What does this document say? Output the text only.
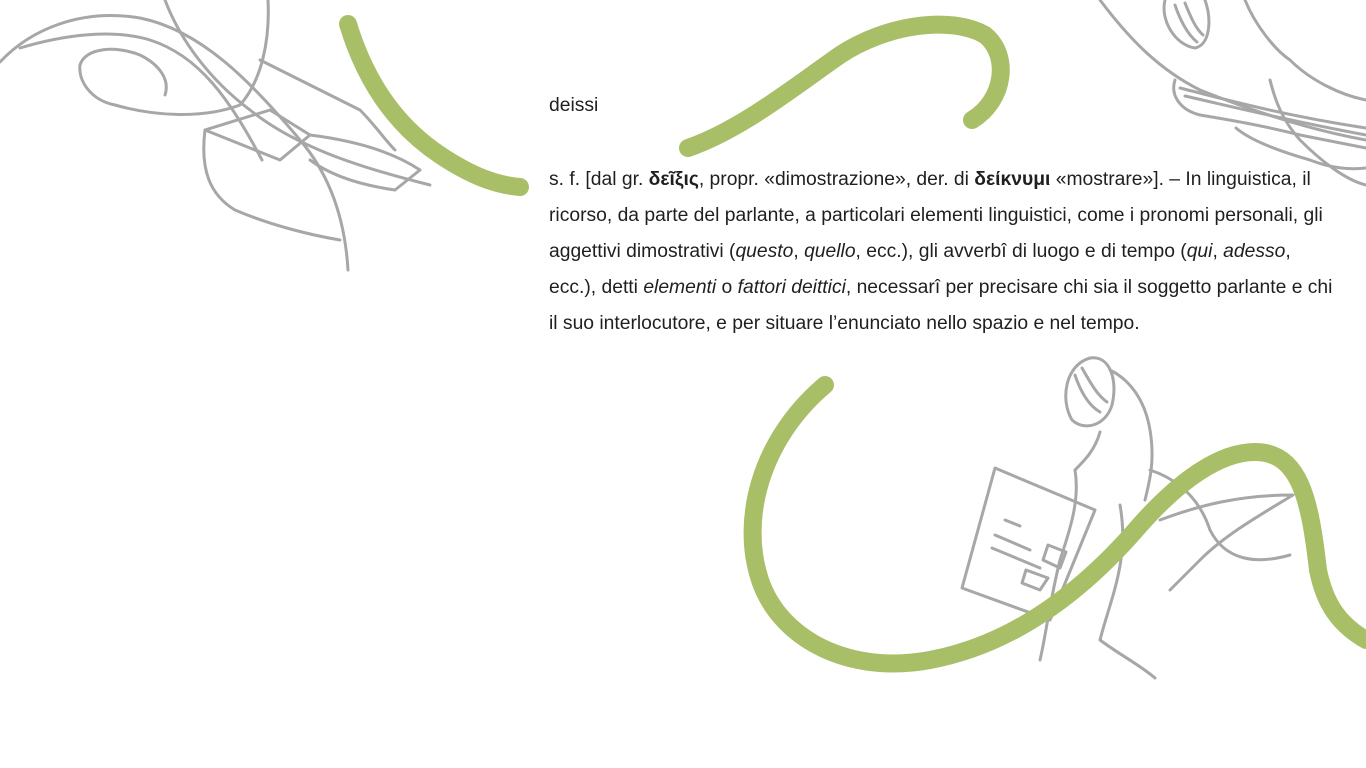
deissi

s. f. [dal gr. δεῖξις, propr. «dimostrazione», der. di δείκνυμι «mostrare»]. – In linguistica, il ricorso, da parte del parlante, a particolari elementi linguistici, come i pronomi personali, gli aggettivi dimostrativi (questo, quello, ecc.), gli avverbî di luogo e di tempo (qui, adesso, ecc.), detti elementi o fattori deittici, necessarî per precisare chi sia il soggetto parlante e chi il suo interlocutore, e per situare l’enunciato nello spazio e nel tempo.
